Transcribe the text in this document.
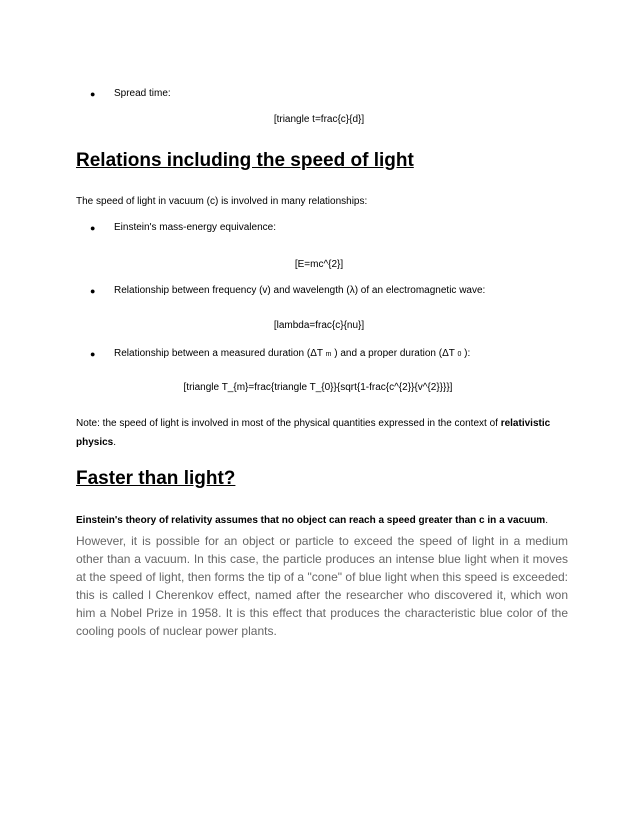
● Spread time:
[triangle t=frac{c}{d}]
Relations including the speed of light
The speed of light in vacuum (c) is involved in many relationships:
● Einstein's mass-energy equivalence:
[E=mc^{2}]
● Relationship between frequency (v) and wavelength (λ) of an electromagnetic wave:
[lambda=frac{c}{nu}]
● Relationship between a measured duration (ΔT m ) and a proper duration (ΔT 0 ):
[triangle T_{m}=frac{triangle T_{0}}{sqrt{1-frac{c^{2}}{v^{2}}}}]
Note: the speed of light is involved in most of the physical quantities expressed in the context of relativistic physics.
Faster than light?
Einstein's theory of relativity assumes that no object can reach a speed greater than c in a vacuum.
However, it is possible for an object or particle to exceed the speed of light in a medium other than a vacuum. In this case, the particle produces an intense blue light when it moves at the speed of light, then forms the tip of a "cone" of blue light when this speed is exceeded: this is called l Cherenkov effect, named after the researcher who discovered it, which won him a Nobel Prize in 1958. It is this effect that produces the characteristic blue color of the cooling pools of nuclear power plants.
